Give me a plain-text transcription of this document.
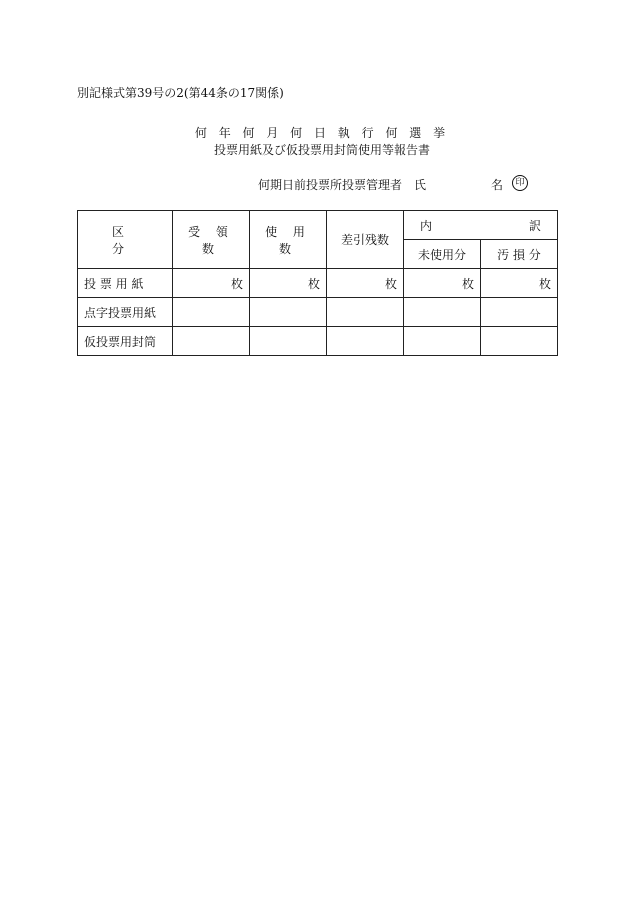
別記様式第39号の2(第44条の17関係)
何 年 何 月 何 日 執 行 何 選 挙
投票用紙及び仮投票用封筒使用等報告書
何期日前投票所投票管理者　氏	名	印
区　　分	受 領 数	使 用 数	差引残数	内 訳	

				未使用分	汚 損 分
投 票 用 紙	枚	枚	枚	枚	枚
点字投票用紙					
仮投票用封筒					
